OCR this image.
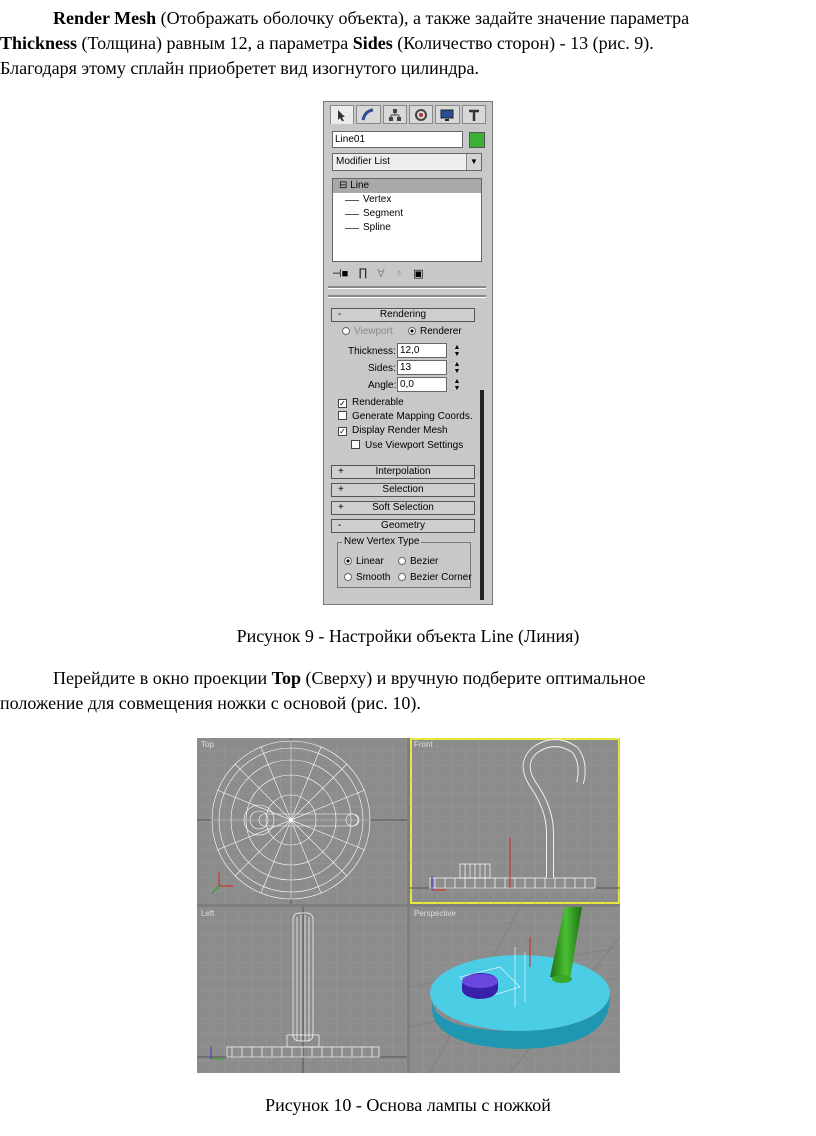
Render Mesh (Отображать оболочку объекта), а также задайте значение параметра

Thickness (Толщина) равным 12, а параметра Sides (Количество сторон) - 13 (рис. 9).

Благодаря этому сплайн приобретет вид изогнутого цилиндра.

Line01
Modifier List	▼
⊟ Line
Vertex
Segment
Spline
⊣■ ∏ ∀ ♁ ▣
-	Rendering
Viewport	Renderer
Thickness: 12,0	▲
▼
Sides: 13	▲
▼
Angle: 0,0	▲
▼
✓ Renderable
Generate Mapping Coords.
✓ Display Render Mesh
Use Viewport Settings
+	Interpolation
+	Selection
+	Soft Selection
-	Geometry
New Vertex Type
Linear	Bezier
Smooth	Bezier Corner
Рисунок 9 - Настройки объекта Line (Линия)

Перейдите в окно проекции Top (Сверху) и вручную подберите оптимальное

положение для совмещения ножки с основой (рис. 10).

Top	Front
Left	Perspective
Рисунок 10 - Основа лампы с ножкой
